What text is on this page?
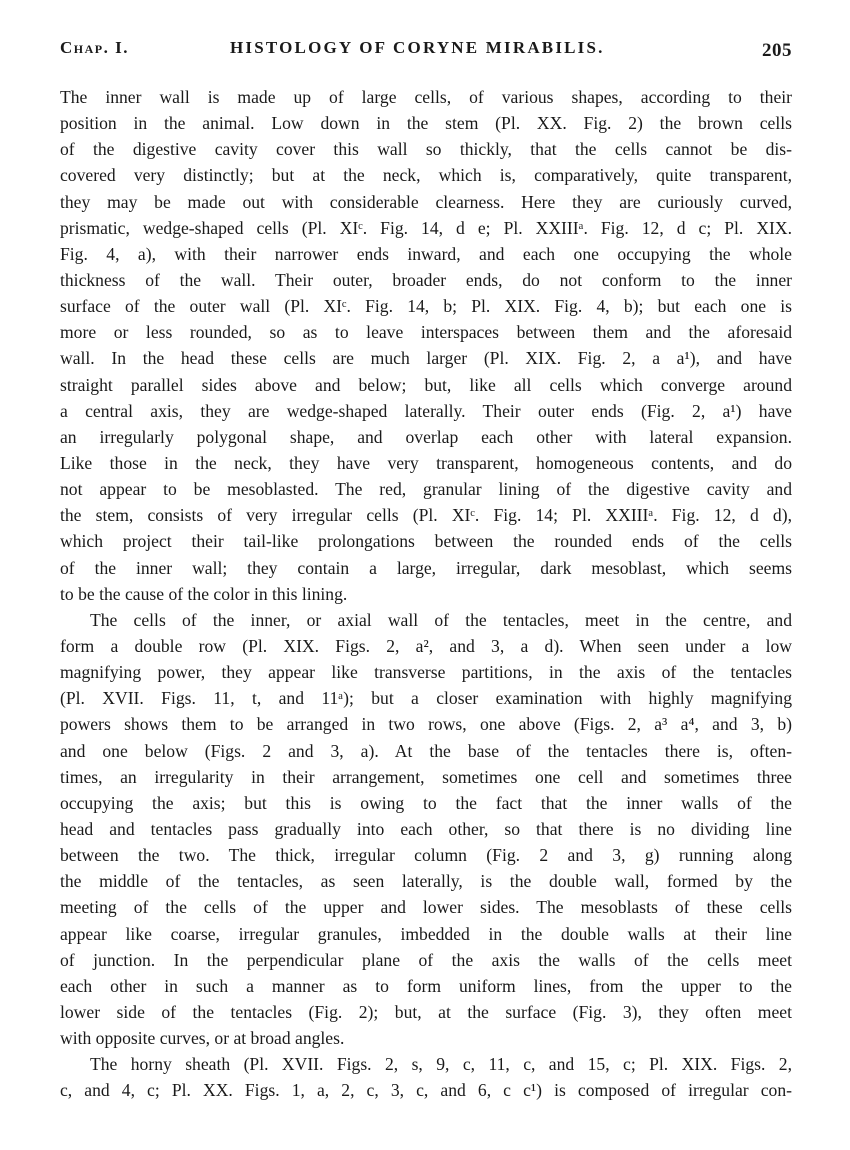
Chap. I.	HISTOLOGY OF CORYNE MIRABILIS.	205
The inner wall is made up of large cells, of various shapes, according to their
position in the animal. Low down in the stem (Pl. XX. Fig. 2) the brown cells
of the digestive cavity cover this wall so thickly, that the cells cannot be dis-
covered very distinctly; but at the neck, which is, comparatively, quite transparent,
they may be made out with considerable clearness. Here they are curiously curved,
prismatic, wedge-shaped cells (Pl. XIᶜ. Fig. 14, d e; Pl. XXIIIᵃ. Fig. 12, d c; Pl. XIX.
Fig. 4, a), with their narrower ends inward, and each one occupying the whole
thickness of the wall. Their outer, broader ends, do not conform to the inner
surface of the outer wall (Pl. XIᶜ. Fig. 14, b; Pl. XIX. Fig. 4, b); but each one is
more or less rounded, so as to leave interspaces between them and the aforesaid
wall. In the head these cells are much larger (Pl. XIX. Fig. 2, a a¹), and have
straight parallel sides above and below; but, like all cells which converge around
a central axis, they are wedge-shaped laterally. Their outer ends (Fig. 2, a¹) have
an irregularly polygonal shape, and overlap each other with lateral expansion.
Like those in the neck, they have very transparent, homogeneous contents, and do
not appear to be mesoblasted. The red, granular lining of the digestive cavity and
the stem, consists of very irregular cells (Pl. XIᶜ. Fig. 14; Pl. XXIIIᵃ. Fig. 12, d d),
which project their tail-like prolongations between the rounded ends of the cells
of the inner wall; they contain a large, irregular, dark mesoblast, which seems
to be the cause of the color in this lining.
The cells of the inner, or axial wall of the tentacles, meet in the centre, and
form a double row (Pl. XIX. Figs. 2, a², and 3, a d). When seen under a low
magnifying power, they appear like transverse partitions, in the axis of the tentacles
(Pl. XVII. Figs. 11, t, and 11ᵃ); but a closer examination with highly magnifying
powers shows them to be arranged in two rows, one above (Figs. 2, a³ a⁴, and 3, b)
and one below (Figs. 2 and 3, a). At the base of the tentacles there is, often-
times, an irregularity in their arrangement, sometimes one cell and sometimes three
occupying the axis; but this is owing to the fact that the inner walls of the
head and tentacles pass gradually into each other, so that there is no dividing line
between the two. The thick, irregular column (Fig. 2 and 3, g) running along
the middle of the tentacles, as seen laterally, is the double wall, formed by the
meeting of the cells of the upper and lower sides. The mesoblasts of these cells
appear like coarse, irregular granules, imbedded in the double walls at their line
of junction. In the perpendicular plane of the axis the walls of the cells meet
each other in such a manner as to form uniform lines, from the upper to the
lower side of the tentacles (Fig. 2); but, at the surface (Fig. 3), they often meet
with opposite curves, or at broad angles.
The horny sheath (Pl. XVII. Figs. 2, s, 9, c, 11, c, and 15, c; Pl. XIX. Figs. 2,
c, and 4, c; Pl. XX. Figs. 1, a, 2, c, 3, c, and 6, c c¹) is composed of irregular con-
